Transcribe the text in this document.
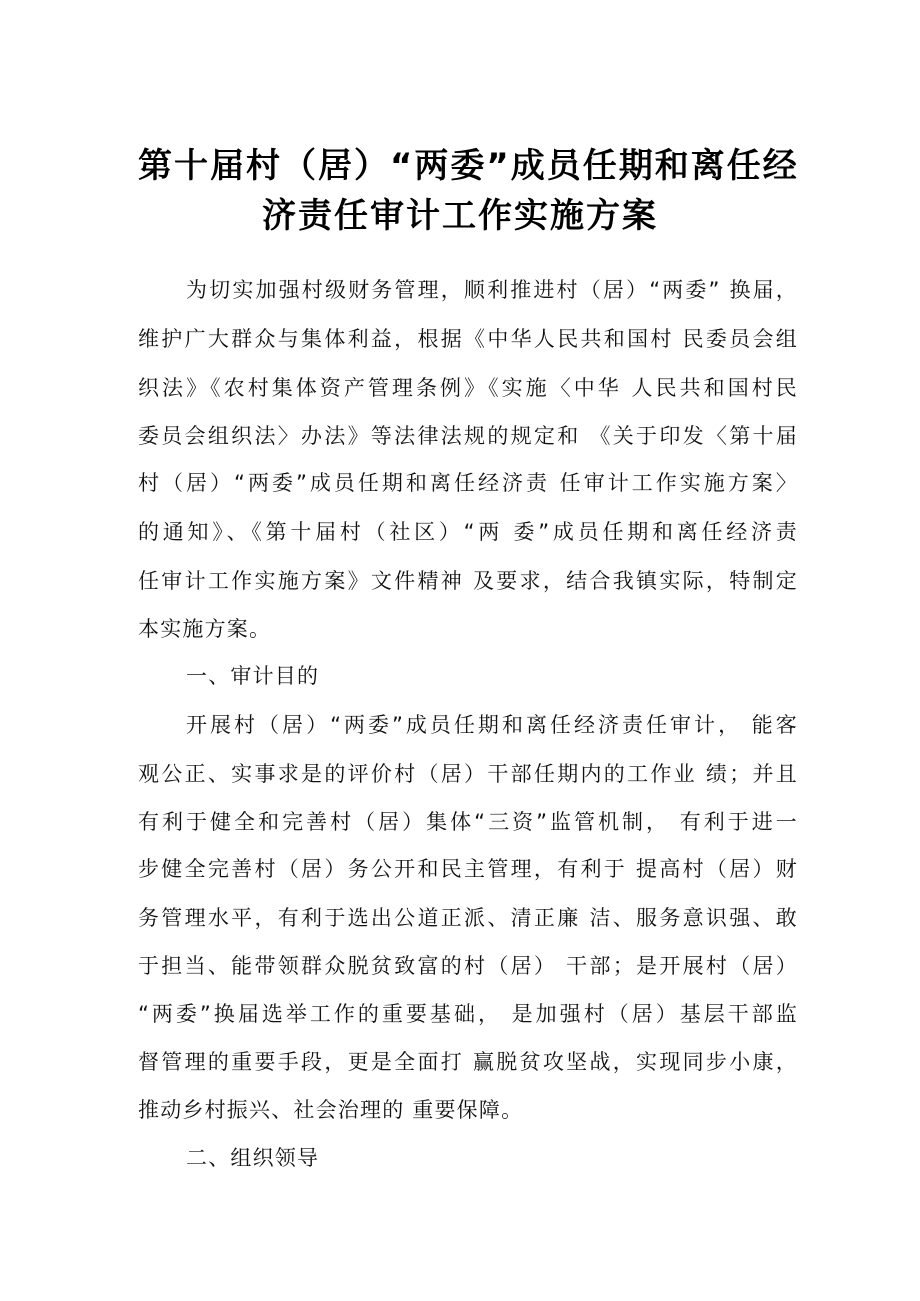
第十届村（居）“两委”成员任期和离任经
济责任审计工作实施方案
为切实加强村级财务管理，顺利推进村（居）“两委” 换届，
维护广大群众与集体利益，根据《中华人民共和国村 民委员会组
织法》《农村集体资产管理条例》《实施〈中华 人民共和国村民
委员会组织法〉办法》等法律法规的规定和 《关于印发〈第十届
村（居）“两委”成员任期和离任经济责 任审计工作实施方案〉
的通知》、《第十届村（社区）“两 委”成员任期和离任经济责
任审计工作实施方案》文件精神 及要求，结合我镇实际，特制定
本实施方案。
一、审计目的
开展村（居）“两委”成员任期和离任经济责任审计， 能客
观公正、实事求是的评价村（居）干部任期内的工作业 绩；并且
有利于健全和完善村（居）集体“三资”监管机制， 有利于进一
步健全完善村（居）务公开和民主管理，有利于 提高村（居）财
务管理水平，有利于选出公道正派、清正廉 洁、服务意识强、敢
于担当、能带领群众脱贫致富的村（居） 干部；是开展村（居）
“两委”换届选举工作的重要基础， 是加强村（居）基层干部监
督管理的重要手段，更是全面打 赢脱贫攻坚战，实现同步小康，
推动乡村振兴、社会治理的 重要保障。
二、组织领导
